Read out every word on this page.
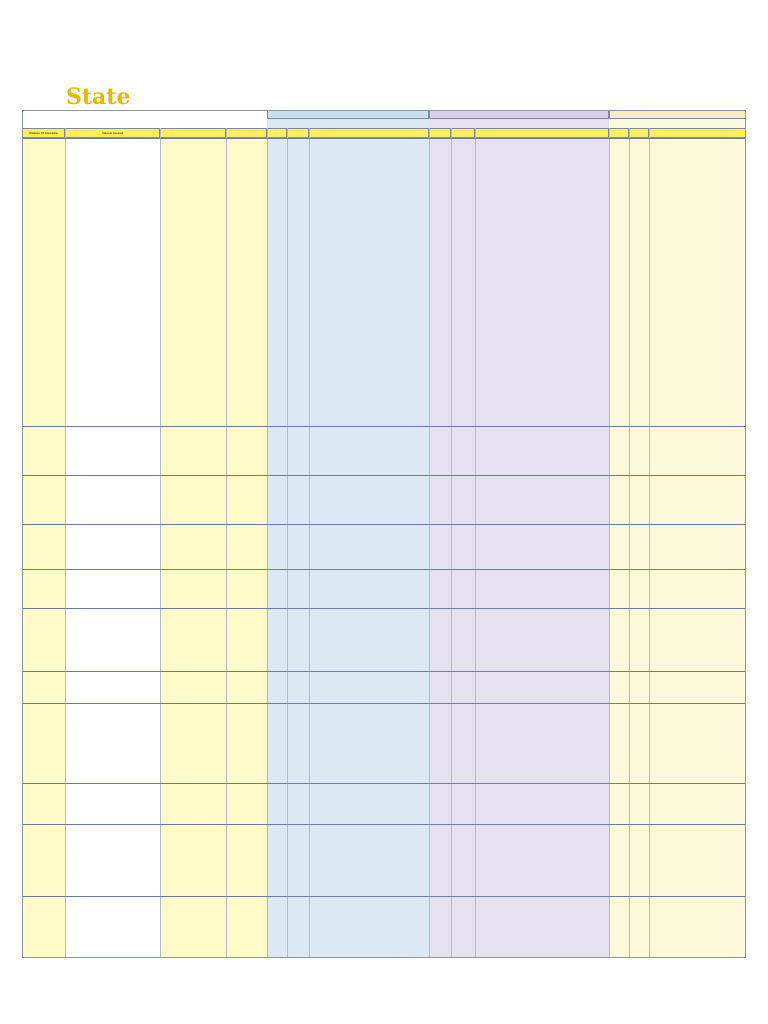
State
Classes Of Insurance	Interest Insured
